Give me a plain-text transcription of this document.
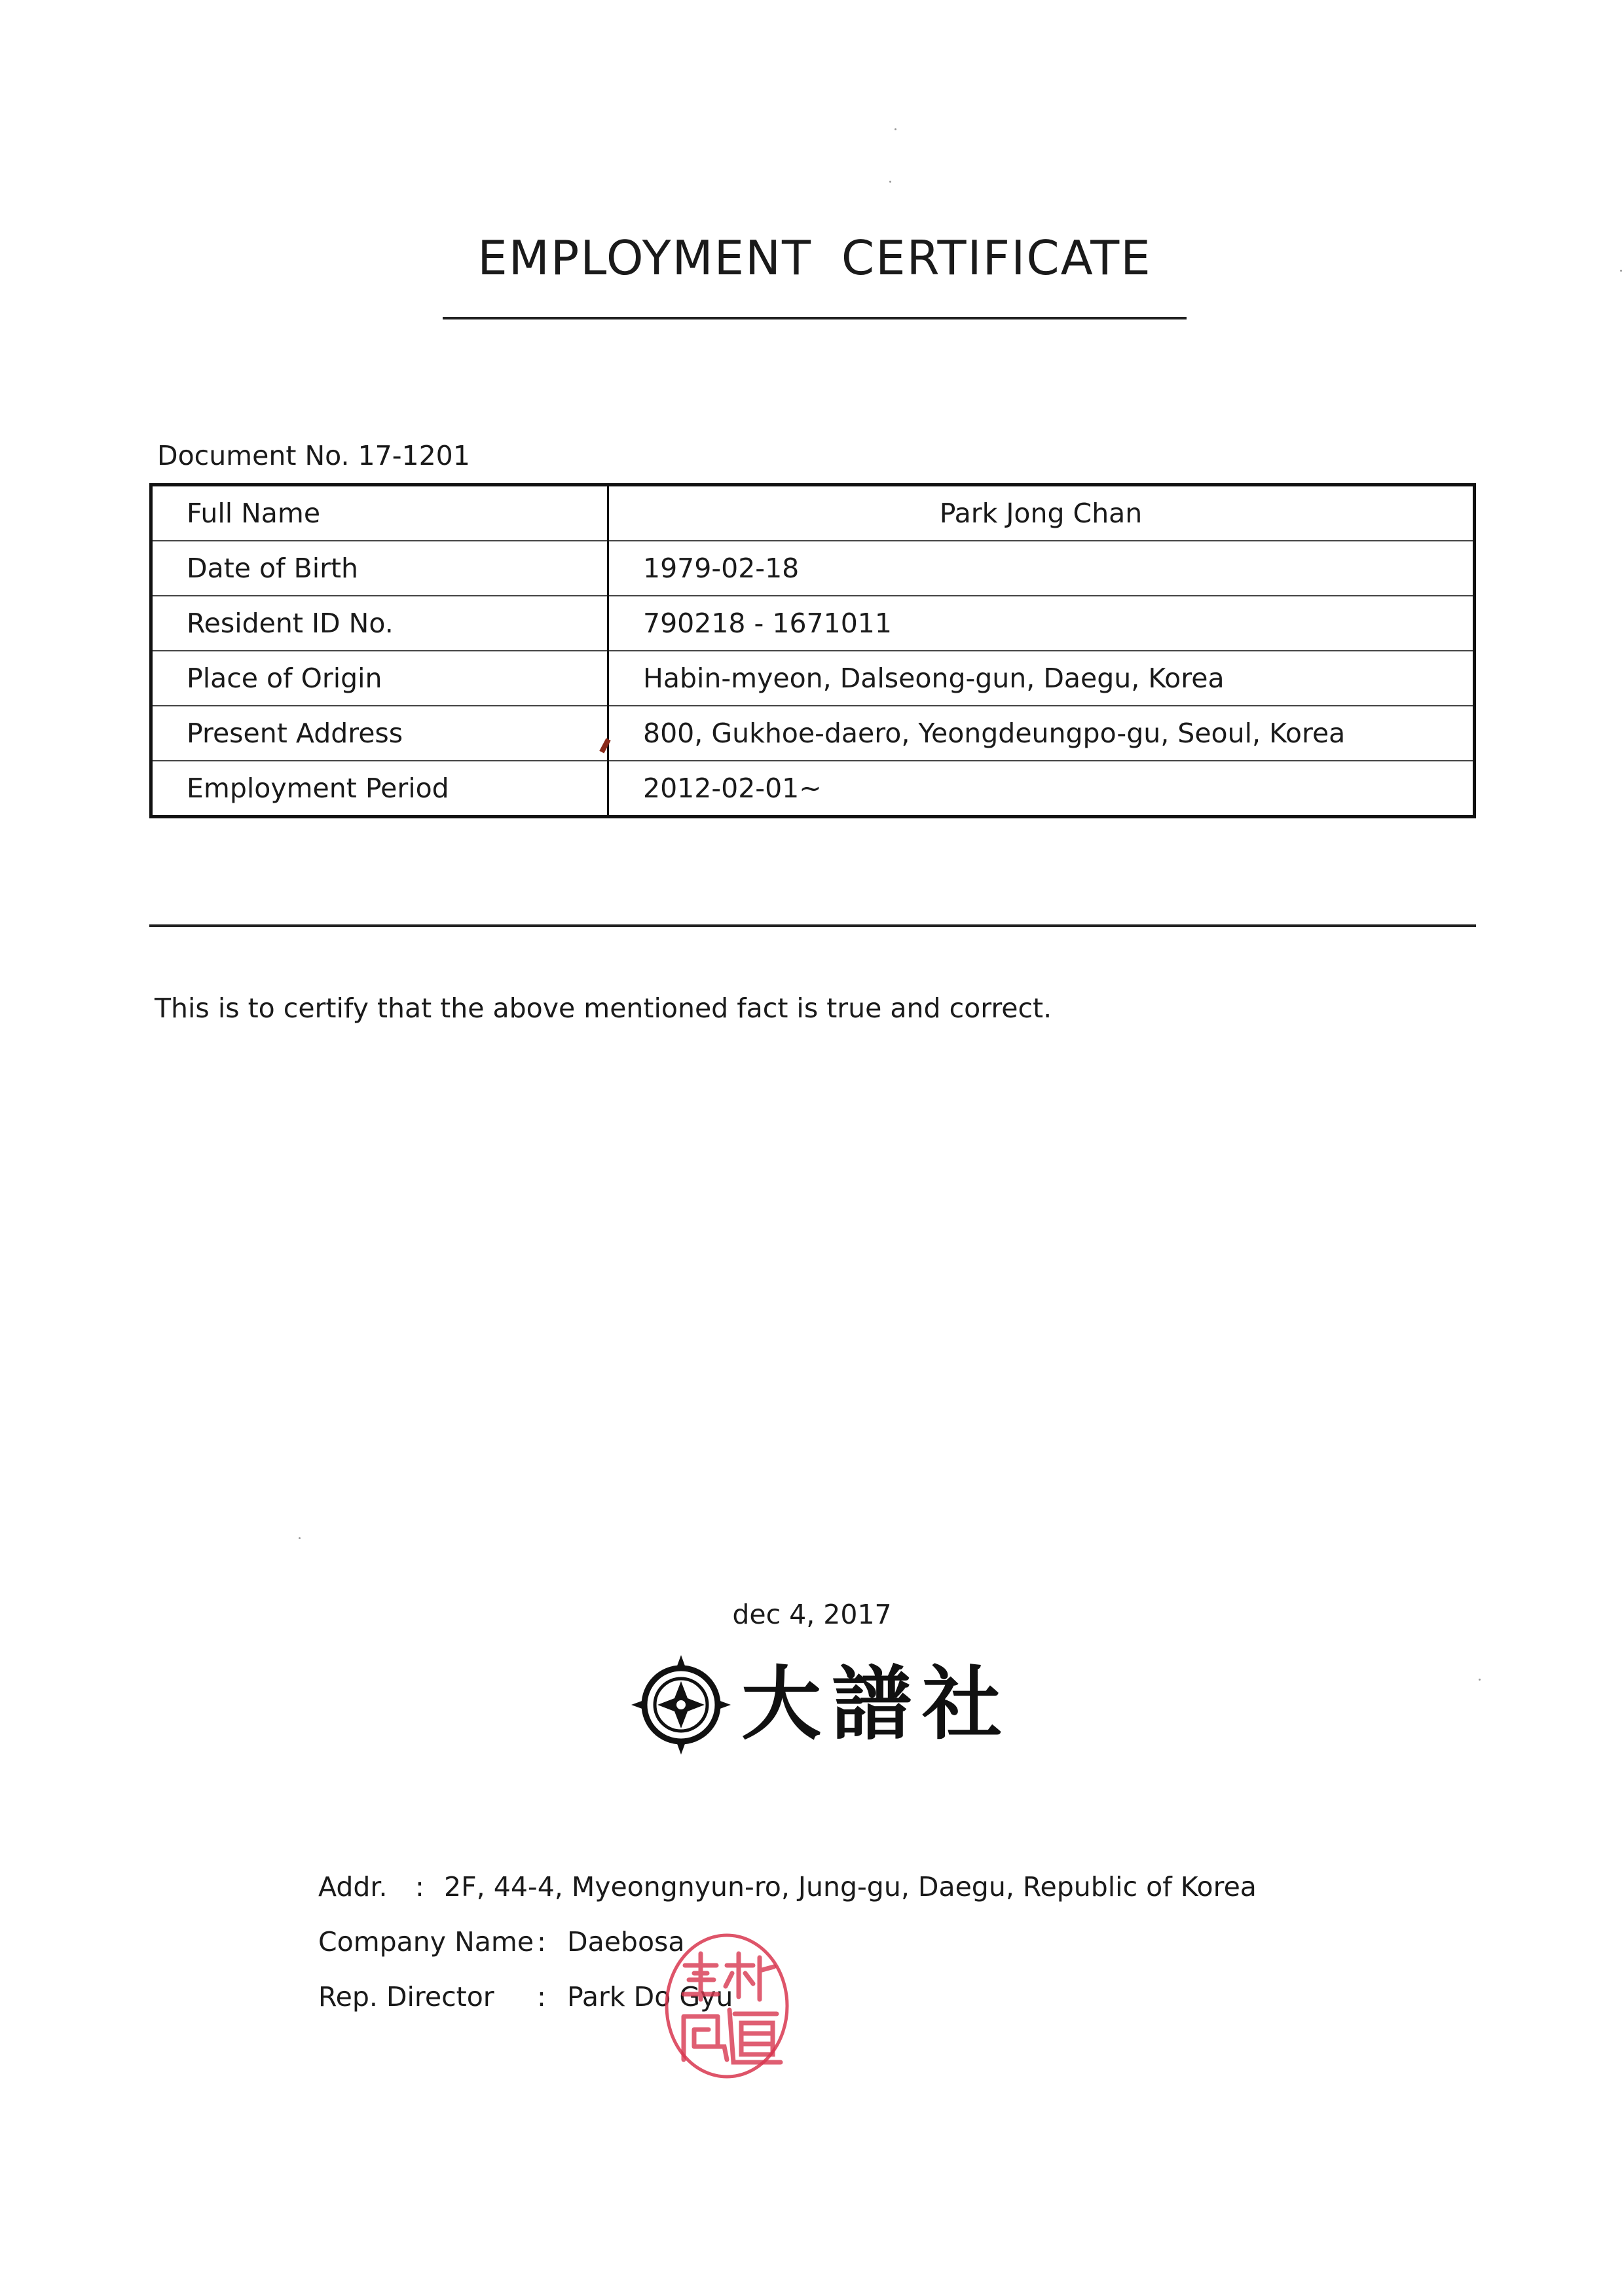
EMPLOYMENT CERTIFICATE
Document No. 17-1201
Full Name	Park Jong Chan
Date of Birth	1979-02-18
Resident ID No.	790218 - 1671011
Place of Origin	Habin-myeon, Dalseong-gun, Daegu, Korea
Present Address	800, Gukhoe-daero, Yeongdeungpo-gu, Seoul, Korea
Employment Period	2012-02-01~
This is to certify that the above mentioned fact is true and correct.
dec 4, 2017
大譜社
Addr. : 2F, 44-4, Myeongnyun-ro, Jung-gu, Daegu, Republic of Korea
Company Name : Daebosa
Rep. Director : Park Do Gyu
